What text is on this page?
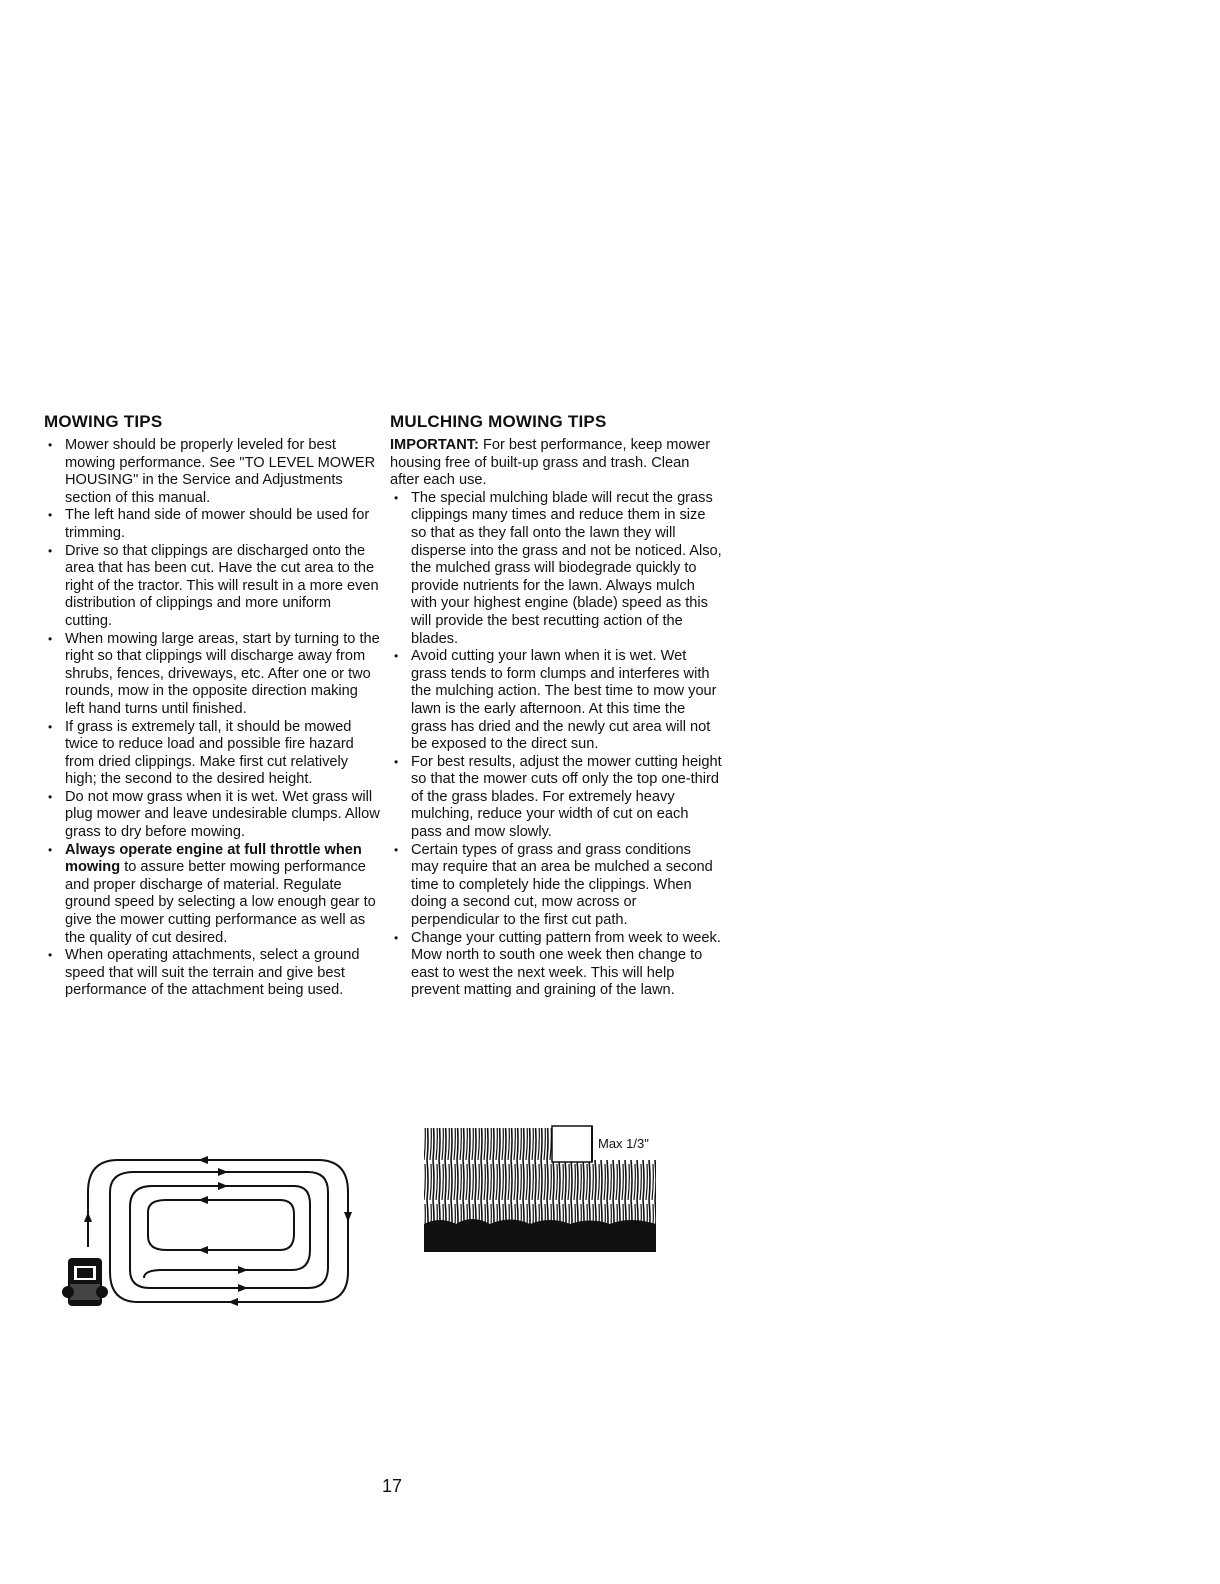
MOWING TIPS
• Mower should be properly leveled for best mowing performance. See "TO LEVEL MOWER HOUSING" in the Service and Adjustments section of this manual.
• The left hand side of mower should be used for trimming.
• Drive so that clippings are discharged onto the area that has been cut. Have the cut area to the right of the tractor. This will result in a more even distribution of clippings and more uniform cutting.
• When mowing large areas, start by turning to the right so that clippings will discharge away from shrubs, fences, driveways, etc. After one or two rounds, mow in the opposite direction making left hand turns until finished.
• If grass is extremely tall, it should be mowed twice to reduce load and possible fire hazard from dried clippings. Make first cut relatively high; the second to the desired height.
• Do not mow grass when it is wet. Wet grass will plug mower and leave undesirable clumps. Allow grass to dry before mowing.
• Always operate engine at full throttle when mowing to assure better mowing performance and proper discharge of material. Regulate ground speed by selecting a low enough gear to give the mower cutting performance as well as the quality of cut desired.
• When operating attachments, select a ground speed that will suit the terrain and give best performance of the attachment being used.
MULCHING MOWING TIPS

IMPORTANT: For best performance, keep mower housing free of built-up grass and trash. Clean after each use.

• The special mulching blade will recut the grass clippings many times and reduce them in size so that as they fall onto the lawn they will disperse into the grass and not be noticed. Also, the mulched grass will biodegrade quickly to provide nutrients for the lawn. Always mulch with your highest engine (blade) speed as this will provide the best recutting action of the blades.
• Avoid cutting your lawn when it is wet. Wet grass tends to form clumps and interferes with the mulching action. The best time to mow your lawn is the early afternoon. At this time the grass has dried and the newly cut area will not be exposed to the direct sun.
• For best results, adjust the mower cutting height so that the mower cuts off only the top one-third of the grass blades. For extremely heavy mulching, reduce your width of cut on each pass and mow slowly.
• Certain types of grass and grass conditions may require that an area be mulched a second time to completely hide the clippings. When doing a second cut, mow across or perpendicular to the first cut path.
• Change your cutting pattern from week to week. Mow north to south one week then change to east to west the next week. This will help prevent matting and graining of the lawn.
Max 1/3"
17
